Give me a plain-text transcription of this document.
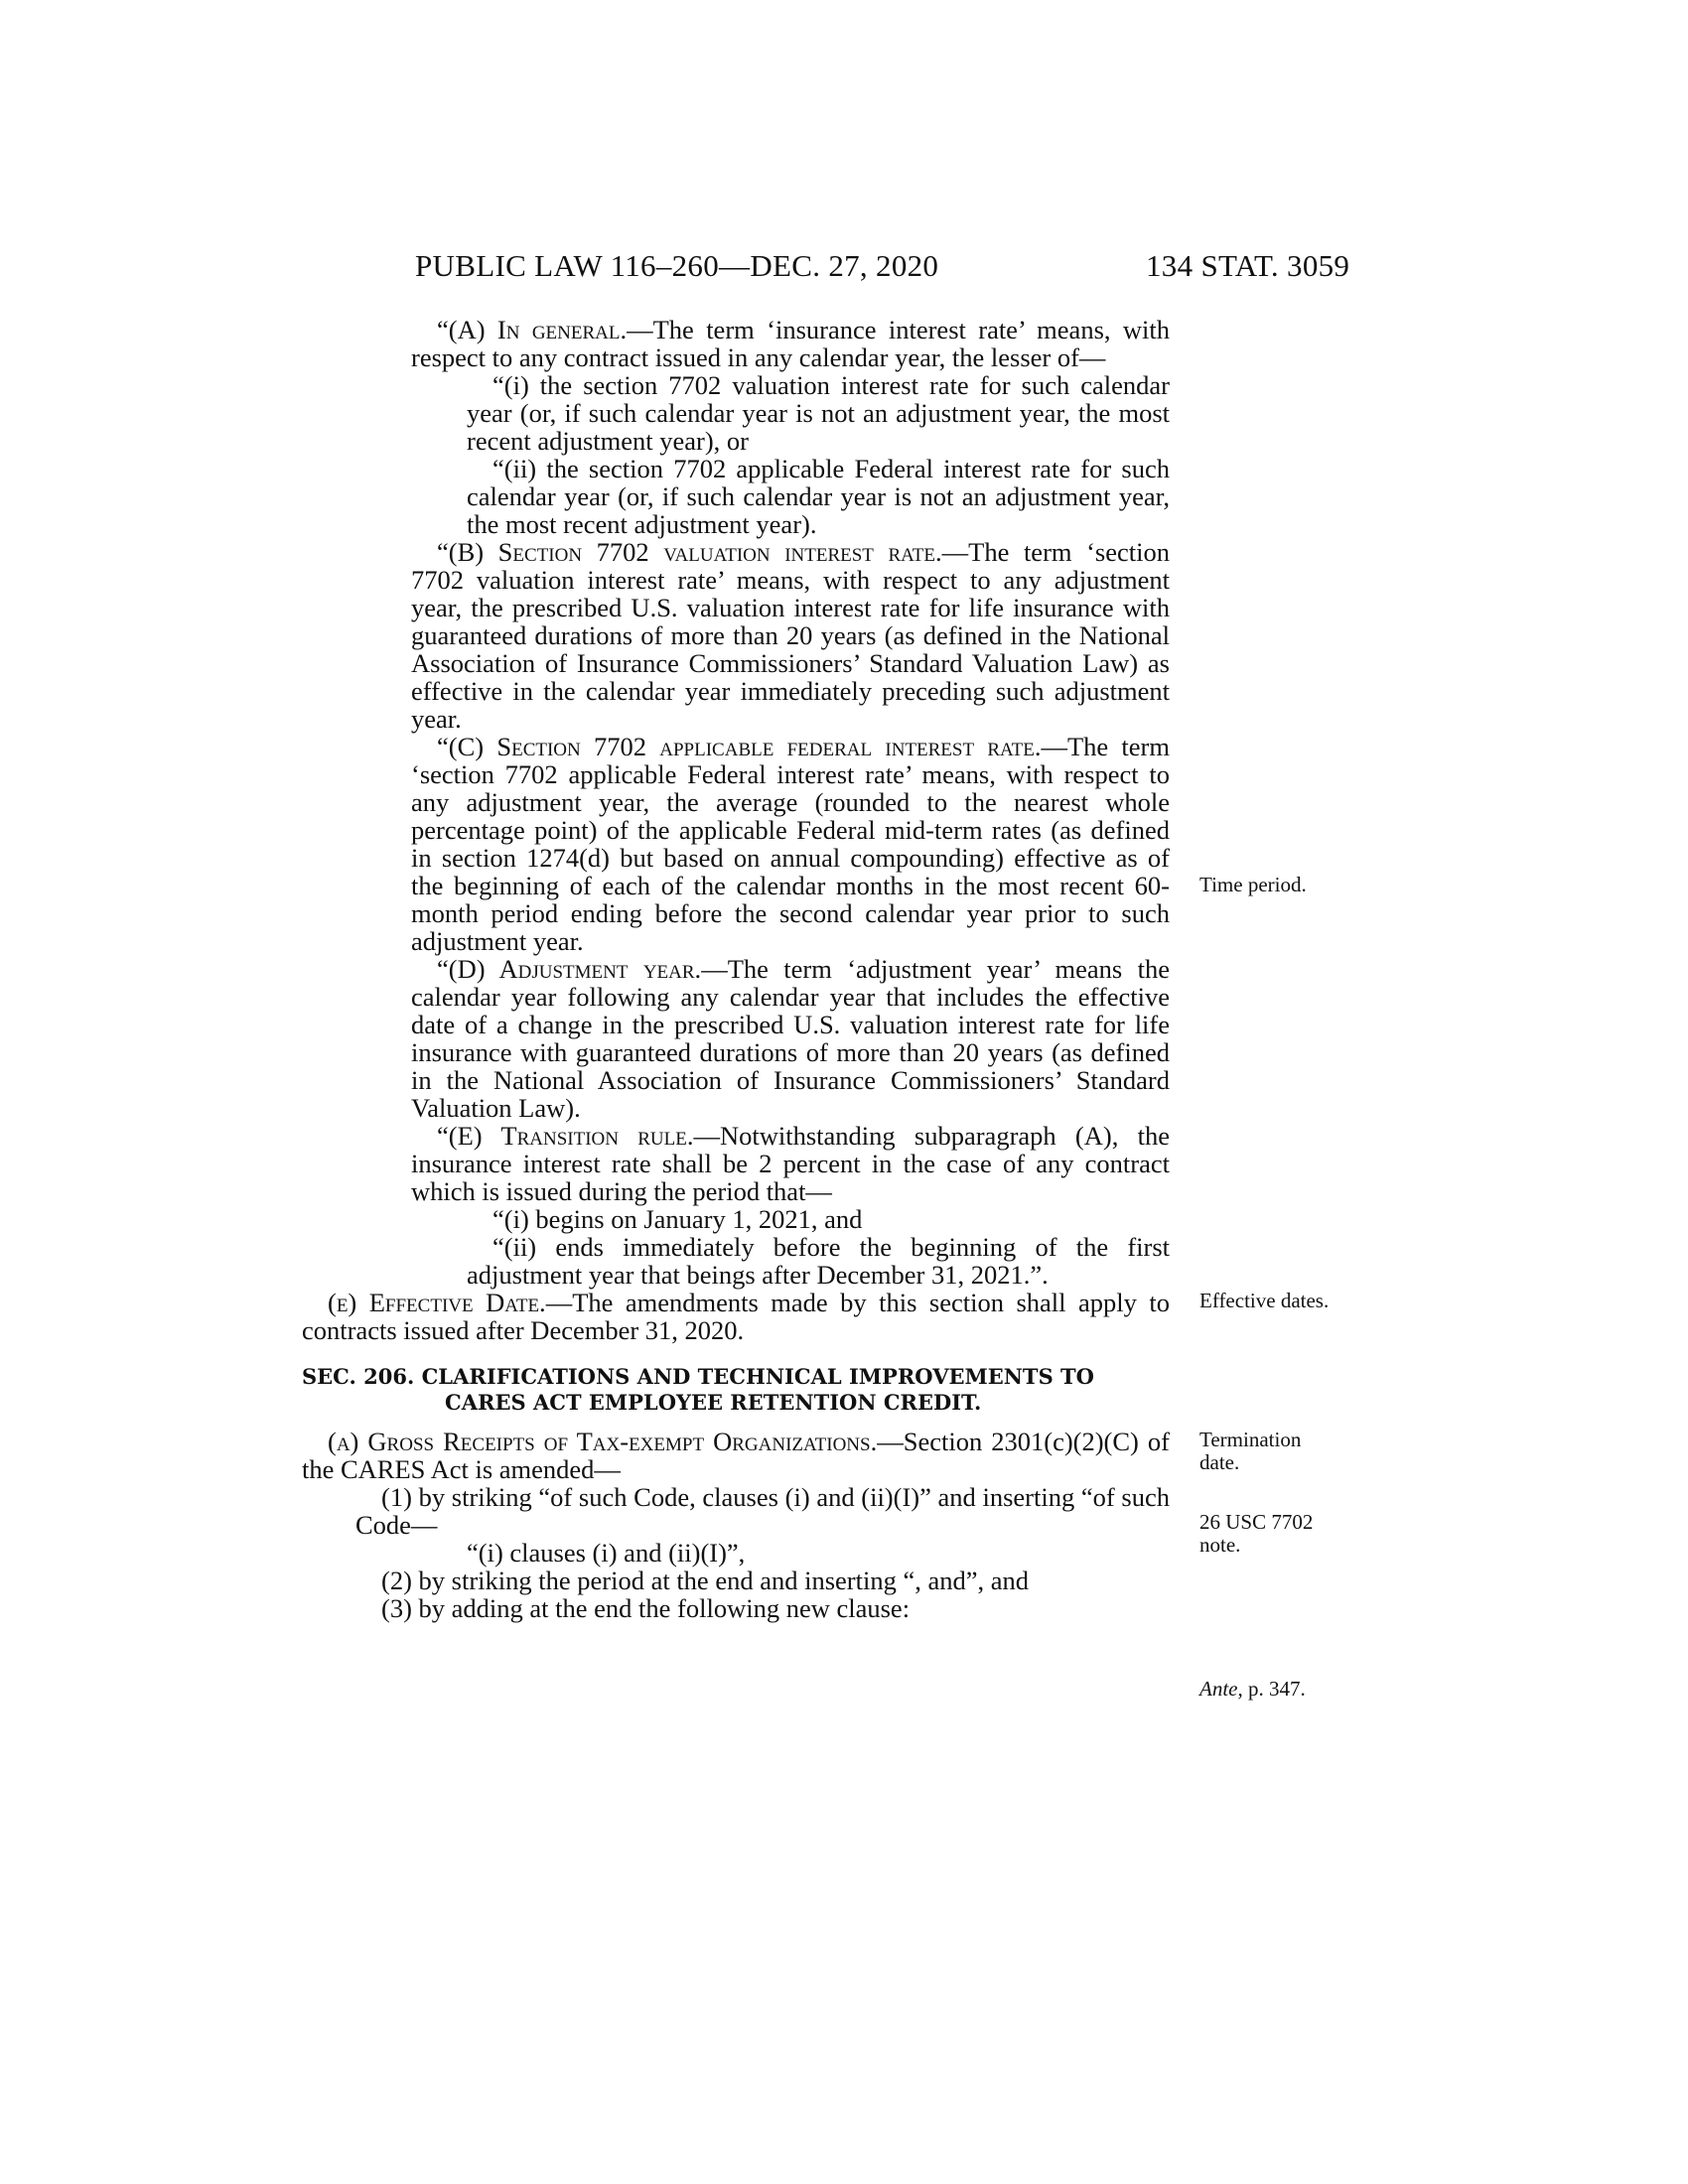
PUBLIC LAW 116–260—DEC. 27, 2020	134 STAT. 3059

“(A) In general.—The term ‘insurance interest rate’ means, with respect to any contract issued in any calendar year, the lesser of—

“(i) the section 7702 valuation interest rate for such calendar year (or, if such calendar year is not an adjustment year, the most recent adjustment year), or

“(ii) the section 7702 applicable Federal interest rate for such calendar year (or, if such calendar year is not an adjustment year, the most recent adjustment year).

“(B) Section 7702 valuation interest rate.—The term ‘section 7702 valuation interest rate’ means, with respect to any adjustment year, the prescribed U.S. valuation interest rate for life insurance with guaranteed durations of more than 20 years (as defined in the National Association of Insurance Commissioners’ Standard Valuation Law) as effective in the calendar year immediately preceding such adjustment year.

“(C) Section 7702 applicable federal interest rate.—The term ‘section 7702 applicable Federal interest rate’ means, with respect to any adjustment year, the average (rounded to the nearest whole percentage point) of the applicable Federal mid-term rates (as defined in section 1274(d) but based on annual compounding) effective as of the beginning of each of the calendar months in the most recent 60-month period ending before the second calendar year prior to such adjustment year.

“(D) Adjustment year.—The term ‘adjustment year’ means the calendar year following any calendar year that includes the effective date of a change in the prescribed U.S. valuation interest rate for life insurance with guaranteed durations of more than 20 years (as defined in the National Association of Insurance Commissioners’ Standard Valuation Law).

“(E) Transition rule.—Notwithstanding subparagraph (A), the insurance interest rate shall be 2 percent in the case of any contract which is issued during the period that—

“(i) begins on January 1, 2021, and

“(ii) ends immediately before the beginning of the first adjustment year that beings after December 31, 2021.”.

(e) Effective Date.—The amendments made by this section shall apply to contracts issued after December 31, 2020.

SEC. 206. CLARIFICATIONS AND TECHNICAL IMPROVEMENTS TO
CARES ACT EMPLOYEE RETENTION CREDIT.

(a) Gross Receipts of Tax-exempt Organizations.—Section 2301(c)(2)(C) of the CARES Act is amended—

(1) by striking “of such Code, clauses (i) and (ii)(I)” and inserting “of such Code—

“(i) clauses (i) and (ii)(I)”,

(2) by striking the period at the end and inserting “, and”, and

(3) by adding at the end the following new clause:

Time period.
Effective dates.
Termination
date.
26 USC 7702
note.
Ante, p. 347.
